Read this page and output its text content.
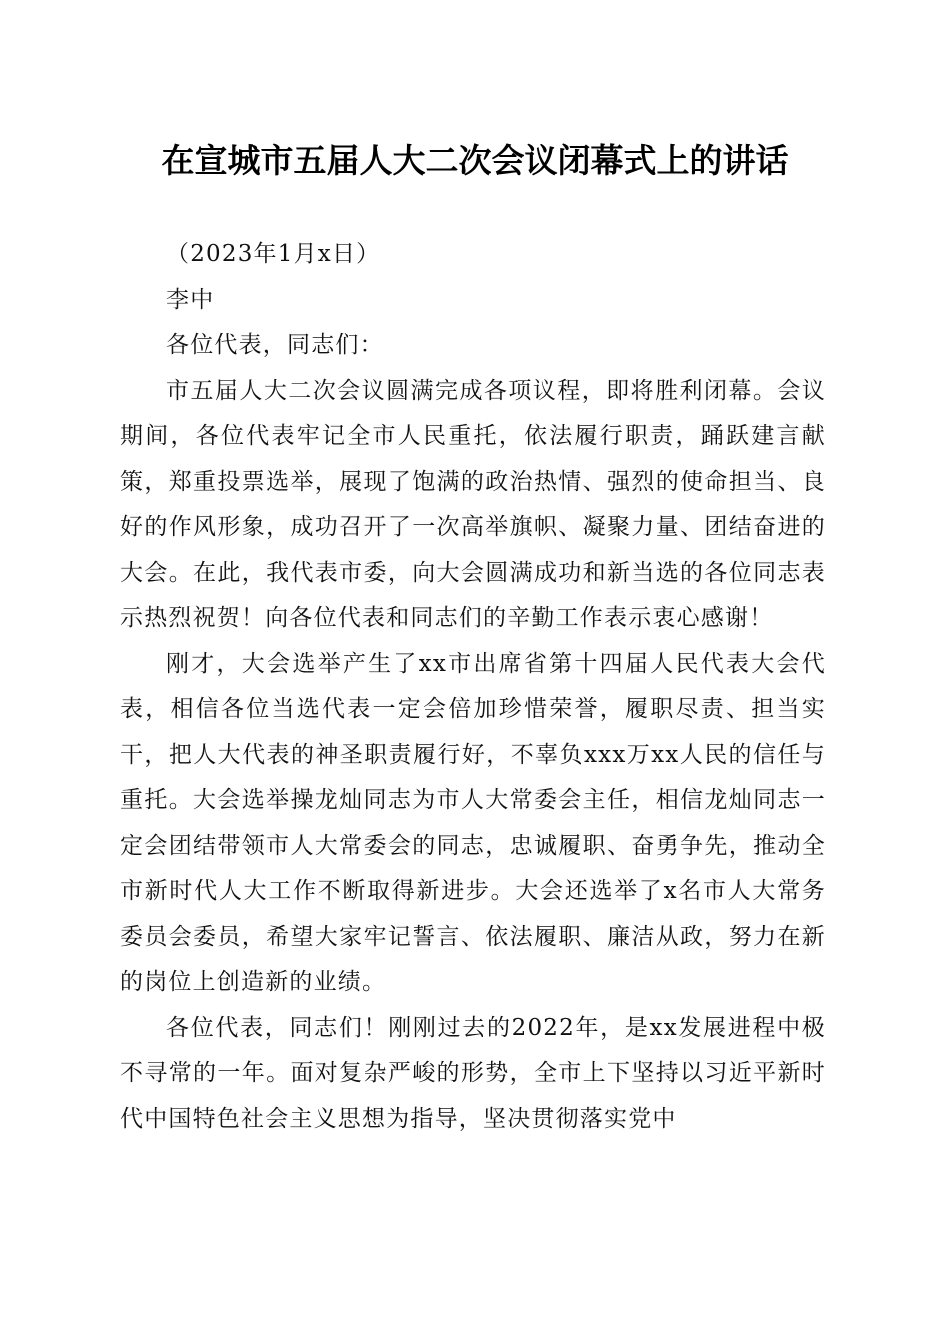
在宣城市五届人大二次会议闭幕式上的讲话

（2023年1月x日）

李中

各位代表，同志们：

市五届人大二次会议圆满完成各项议程，即将胜利闭幕。会议期间，各位代表牢记全市人民重托，依法履行职责，踊跃建言献策，郑重投票选举，展现了饱满的政治热情、强烈的使命担当、良好的作风形象，成功召开了一次高举旗帜、凝聚力量、团结奋进的大会。在此，我代表市委，向大会圆满成功和新当选的各位同志表示热烈祝贺！向各位代表和同志们的辛勤工作表示衷心感谢！

刚才，大会选举产生了xx市出席省第十四届人民代表大会代表，相信各位当选代表一定会倍加珍惜荣誉，履职尽责、担当实干，把人大代表的神圣职责履行好，不辜负xxx万xx人民的信任与重托。大会选举操龙灿同志为市人大常委会主任，相信龙灿同志一定会团结带领市人大常委会的同志，忠诚履职、奋勇争先，推动全市新时代人大工作不断取得新进步。大会还选举了x名市人大常务委员会委员，希望大家牢记誓言、依法履职、廉洁从政，努力在新的岗位上创造新的业绩。

各位代表，同志们！刚刚过去的2022年，是xx发展进程中极不寻常的一年。面对复杂严峻的形势，全市上下坚持以习近平新时代中国特色社会主义思想为指导，坚决贯彻落实党中
